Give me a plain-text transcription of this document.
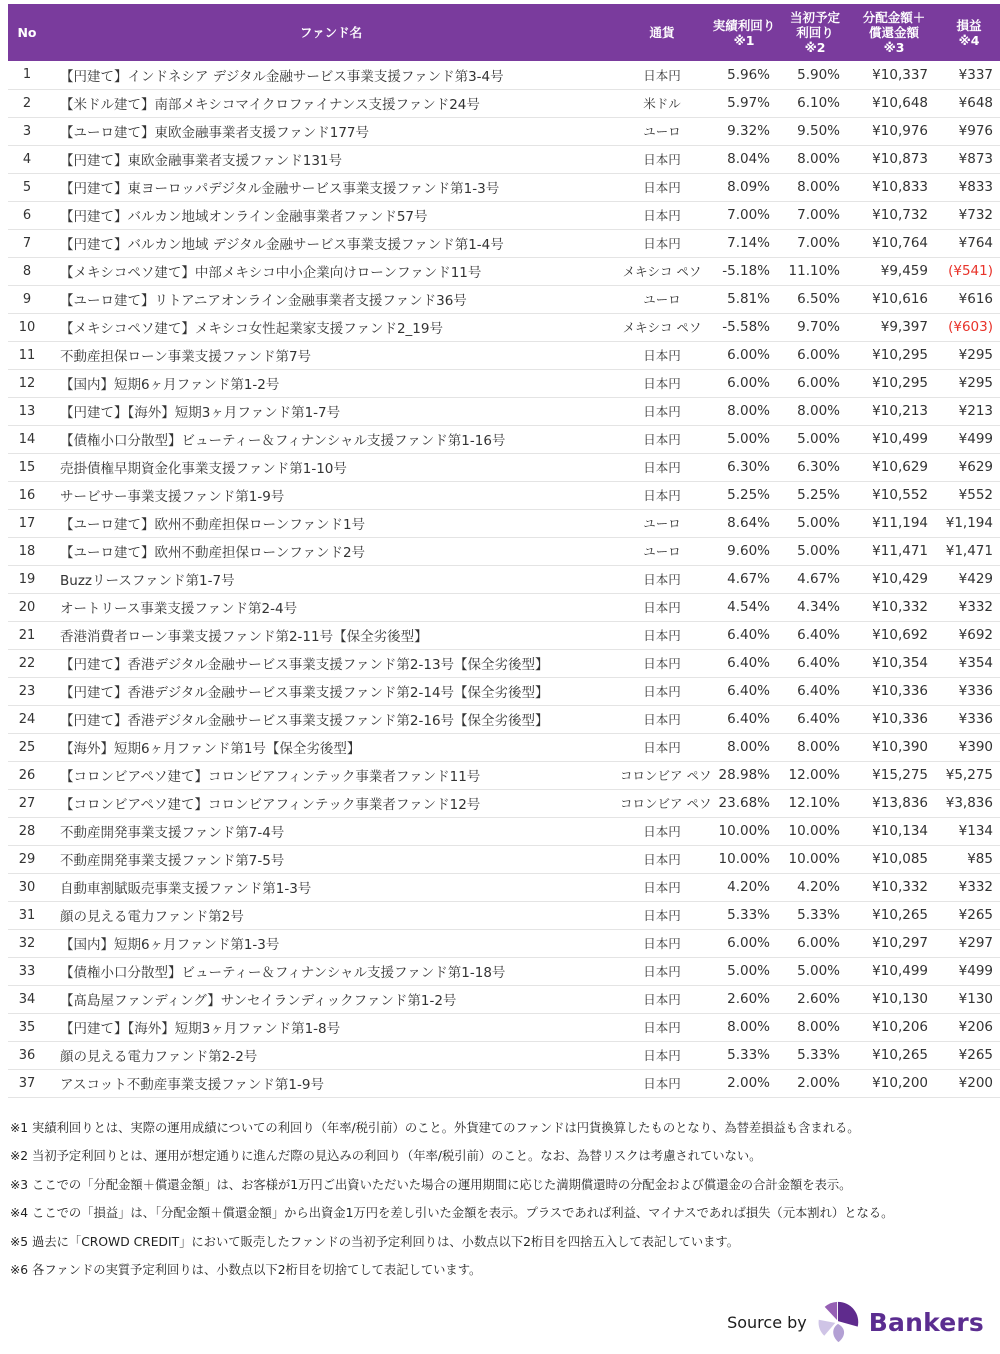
No	ファンド名	通貨	実績利回り
※1

当初予定
利回り
※2

分配金額＋
償還金額
※3

損益
※4

1	【円建て】インドネシア デジタル金融サービス事業支援ファンド第3-4号	日本円	5.96%	5.90%	¥10,337	¥337
2	【米ドル建て】南部メキシコマイクロファイナンス支援ファンド24号	米ドル	5.97%	6.10%	¥10,648	¥648
3	【ユーロ建て】東欧金融事業者支援ファンド177号	ユーロ	9.32%	9.50%	¥10,976	¥976
4	【円建て】東欧金融事業者支援ファンド131号	日本円	8.04%	8.00%	¥10,873	¥873
5	【円建て】東ヨーロッパデジタル金融サービス事業支援ファンド第1-3号	日本円	8.09%	8.00%	¥10,833	¥833
6	【円建て】バルカン地域オンライン金融事業者ファンド57号	日本円	7.00%	7.00%	¥10,732	¥732
7	【円建て】バルカン地域 デジタル金融サービス事業支援ファンド第1-4号	日本円	7.14%	7.00%	¥10,764	¥764
8	【メキシコペソ建て】中部メキシコ中小企業向けローンファンド11号	メキシコ ペソ	-5.18%	11.10%	¥9,459	(¥541)
9	【ユーロ建て】リトアニアオンライン金融事業者支援ファンド36号	ユーロ	5.81%	6.50%	¥10,616	¥616
10	【メキシコペソ建て】メキシコ女性起業家支援ファンド2_19号	メキシコ ペソ	-5.58%	9.70%	¥9,397	(¥603)
11	不動産担保ローン事業支援ファンド第7号	日本円	6.00%	6.00%	¥10,295	¥295
12	【国内】短期6ヶ月ファンド第1-2号	日本円	6.00%	6.00%	¥10,295	¥295
13	【円建て】【海外】短期3ヶ月ファンド第1-7号	日本円	8.00%	8.00%	¥10,213	¥213
14	【債権小口分散型】ビューティー＆フィナンシャル支援ファンド第1-16号	日本円	5.00%	5.00%	¥10,499	¥499
15	売掛債権早期資金化事業支援ファンド第1-10号	日本円	6.30%	6.30%	¥10,629	¥629
16	サービサー事業支援ファンド第1-9号	日本円	5.25%	5.25%	¥10,552	¥552
17	【ユーロ建て】欧州不動産担保ローンファンド1号	ユーロ	8.64%	5.00%	¥11,194	¥1,194
18	【ユーロ建て】欧州不動産担保ローンファンド2号	ユーロ	9.60%	5.00%	¥11,471	¥1,471
19	Buzzリースファンド第1-7号	日本円	4.67%	4.67%	¥10,429	¥429
20	オートリース事業支援ファンド第2-4号	日本円	4.54%	4.34%	¥10,332	¥332
21	香港消費者ローン事業支援ファンド第2-11号【保全劣後型】	日本円	6.40%	6.40%	¥10,692	¥692
22	【円建て】香港デジタル金融サービス事業支援ファンド第2-13号【保全劣後型】	日本円	6.40%	6.40%	¥10,354	¥354
23	【円建て】香港デジタル金融サービス事業支援ファンド第2-14号【保全劣後型】	日本円	6.40%	6.40%	¥10,336	¥336
24	【円建て】香港デジタル金融サービス事業支援ファンド第2-16号【保全劣後型】	日本円	6.40%	6.40%	¥10,336	¥336
25	【海外】短期6ヶ月ファンド第1号【保全劣後型】	日本円	8.00%	8.00%	¥10,390	¥390
26	【コロンビアペソ建て】コロンビアフィンテック事業者ファンド11号	コロンビア ペソ	28.98%	12.00%	¥15,275	¥5,275
27	【コロンビアペソ建て】コロンビアフィンテック事業者ファンド12号	コロンビア ペソ	23.68%	12.10%	¥13,836	¥3,836
28	不動産開発事業支援ファンド第7-4号	日本円	10.00%	10.00%	¥10,134	¥134
29	不動産開発事業支援ファンド第7-5号	日本円	10.00%	10.00%	¥10,085	¥85
30	自動車割賦販売事業支援ファンド第1-3号	日本円	4.20%	4.20%	¥10,332	¥332
31	顔の見える電力ファンド第2号	日本円	5.33%	5.33%	¥10,265	¥265
32	【国内】短期6ヶ月ファンド第1-3号	日本円	6.00%	6.00%	¥10,297	¥297
33	【債権小口分散型】ビューティー＆フィナンシャル支援ファンド第1-18号	日本円	5.00%	5.00%	¥10,499	¥499
34	【髙島屋ファンディング】サンセイランディックファンド第1-2号	日本円	2.60%	2.60%	¥10,130	¥130
35	【円建て】【海外】短期3ヶ月ファンド第1-8号	日本円	8.00%	8.00%	¥10,206	¥206
36	顔の見える電力ファンド第2-2号	日本円	5.33%	5.33%	¥10,265	¥265
37	アスコット不動産事業支援ファンド第1-9号	日本円	2.00%	2.00%	¥10,200	¥200
※1 実績利回りとは、実際の運用成績についての利回り（年率/税引前）のこと。外貨建てのファンドは円貨換算したものとなり、為替差損益も含まれる。
※2 当初予定利回りとは、運用が想定通りに進んだ際の見込みの利回り（年率/税引前）のこと。なお、為替リスクは考慮されていない。
※3 ここでの「分配金額＋償還金額」は、お客様が1万円ご出資いただいた場合の運用期間に応じた満期償還時の分配金および償還金の合計金額を表示。
※4 ここでの「損益」は、「分配金額＋償還金額」から出資金1万円を差し引いた金額を表示。プラスであれば利益、マイナスであれば損失（元本割れ）となる。
※5 過去に「CROWD CREDIT」において販売したファンドの当初予定利回りは、小数点以下2桁目を四捨五入して表記しています。
※6 各ファンドの実質予定利回りは、小数点以下2桁目を切捨てして表記しています。
Source by Bankers
